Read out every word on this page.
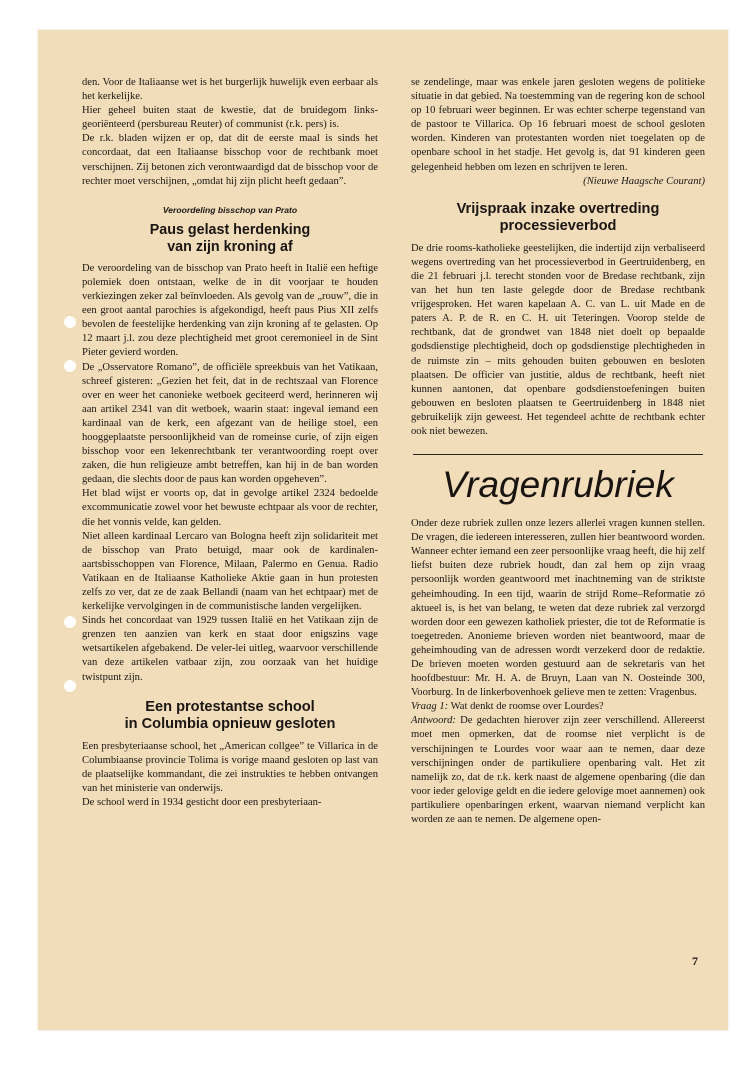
den. Voor de Italiaanse wet is het burgerlijk huwelijk even eerbaar als het kerkelijke.

Hier geheel buiten staat de kwestie, dat de bruidegom links-georiënteerd (persbureau Reuter) of communist (r.k. pers) is.

De r.k. bladen wijzen er op, dat dit de eerste maal is sinds het concordaat, dat een Italiaanse bisschop voor de rechtbank moet verschijnen. Zij betonen zich verontwaardigd dat de bisschop voor de rechter moet verschijnen, „omdat hij zijn plicht heeft gedaan”.

Veroordeling bisschop van Prato
Paus gelast herdenking
van zijn kroning af

De veroordeling van de bisschop van Prato heeft in Italië een heftige polemiek doen ontstaan, welke de in dit voorjaar te houden verkiezingen zeker zal beïnvloeden. Als gevolg van de „rouw”, die in een groot aantal parochies is afgekondigd, heeft paus Pius XII zelfs bevolen de feestelijke herdenking van zijn kroning af te gelasten. Op 12 maart j.l. zou deze plechtigheid met groot ceremonieel in de Sint Pieter gevierd worden.

De „Osservatore Romano”, de officiële spreekbuis van het Vatikaan, schreef gisteren: „Gezien het feit, dat in de rechtszaal van Florence over en weer het canonieke wetboek geciteerd werd, herinneren wij aan artikel 2341 van dit wetboek, waarin staat: ingeval iemand een kardinaal van de kerk, een afgezant van de heilige stoel, een hooggeplaatste persoonlijkheid van de romeinse curie, of zijn eigen bisschop voor een lekenrechtbank ter verantwoording roept over zaken, die hun religieuze ambt betreffen, kan hij in de ban worden gedaan, die slechts door de paus kan worden opgeheven”.

Het blad wijst er voorts op, dat in gevolge artikel 2324 bedoelde excommunicatie zowel voor het bewuste echtpaar als voor de rechter, die het vonnis velde, kan gelden.

Niet alleen kardinaal Lercaro van Bologna heeft zijn solidariteit met de bisschop van Prato betuigd, maar ook de kardinalen-aartsbisschoppen van Florence, Milaan, Palermo en Genua. Radio Vatikaan en de Italiaanse Katholieke Aktie gaan in hun protesten zelfs zo ver, dat ze de zaak Bellandi (naam van het echtpaar) met de kerkelijke vervolgingen in de communistische landen vergelijken.

Sinds het concordaat van 1929 tussen Italië en het Vatikaan zijn de grenzen ten aanzien van kerk en staat door enigszins vage wetsartikelen afgebakend. De veler-lei uitleg, waarvoor verschillende van deze artikelen vatbaar zijn, zou oorzaak van het huidige twistpunt zijn.

Een protestantse school
in Columbia opnieuw gesloten

Een presbyteriaanse school, het „American collgee” te Villarica in de Columbiaanse provincie Tolima is vorige maand gesloten op last van de plaatselijke kommandant, die zei instrukties te hebben ontvangen van het ministerie van onderwijs.

De school werd in 1934 gesticht door een presbyteriaan-

se zendelinge, maar was enkele jaren gesloten wegens de politieke situatie in dat gebied. Na toestemming van de regering kon de school op 10 februari weer beginnen. Er was echter scherpe tegenstand van de pastoor te Villarica. Op 16 februari moest de school gesloten worden. Kinderen van protestanten worden niet toegelaten op de openbare school in het stadje. Het gevolg is, dat 91 kinderen geen gelegenheid hebben om lezen en schrijven te leren.

(Nieuwe Haagsche Courant)

Vrijspraak inzake overtreding
processieverbod

De drie rooms-katholieke geestelijken, die indertijd zijn verbaliseerd wegens overtreding van het processieverbod in Geertruidenberg, en die 21 februari j.l. terecht stonden voor de Bredase rechtbank, zijn van het hun ten laste gelegde door de Bredase rechtbank vrijgesproken. Het waren kapelaan A. C. van L. uit Made en de paters A. P. de R. en C. H. uit Teteringen. Voorop stelde de rechtbank, dat de grondwet van 1848 niet doelt op bepaalde godsdienstige plechtigheid, doch op godsdienstige plechtigheden in de ruimste zin – mits gehouden buiten gebouwen en besloten plaatsen. De officier van justitie, aldus de rechtbank, heeft niet kunnen aantonen, dat openbare godsdienstoefeningen buiten gebouwen en besloten plaatsen te Geertruidenberg in 1848 niet gebruikelijk zijn geweest. Het tegendeel achtte de rechtbank echter ook niet bewezen.

Vragenrubriek

Onder deze rubriek zullen onze lezers allerlei vragen kunnen stellen. De vragen, die iedereen interesseren, zullen hier beantwoord worden. Wanneer echter iemand een zeer persoonlijke vraag heeft, die hij zelf liefst buiten deze rubriek houdt, dan zal hem op zijn vraag persoonlijk worden geantwoord met inachtneming van de striktste geheimhouding. In een tijd, waarin de strijd Rome–Reformatie zó aktueel is, is het van belang, te weten dat deze rubriek zal verzorgd worden door een gewezen katholiek priester, die tot de Reformatie is toegetreden. Anonieme brieven worden niet beantwoord, maar de geheimhouding van de adressen wordt verzekerd door de redaktie. De brieven moeten worden gestuurd aan de sekretaris van het hoofdbestuur: Mr. H. A. de Bruyn, Laan van N. Oosteinde 300, Voorburg. In de linkerbovenhoek gelieve men te zetten: Vragenbus.

Vraag 1: Wat denkt de roomse over Lourdes?

Antwoord: De gedachten hierover zijn zeer verschillend. Allereerst moet men opmerken, dat de roomse niet verplicht is de verschijningen te Lourdes voor waar aan te nemen, daar deze verschijningen onder de partikuliere openbaring valt. Het zit namelijk zo, dat de r.k. kerk naast de algemene openbaring (die dan voor ieder gelovige geldt en die iedere gelovige moet aannemen) ook partikuliere openbaringen erkent, waarvan niemand verplicht kan worden ze aan te nemen. De algemene open-

7
